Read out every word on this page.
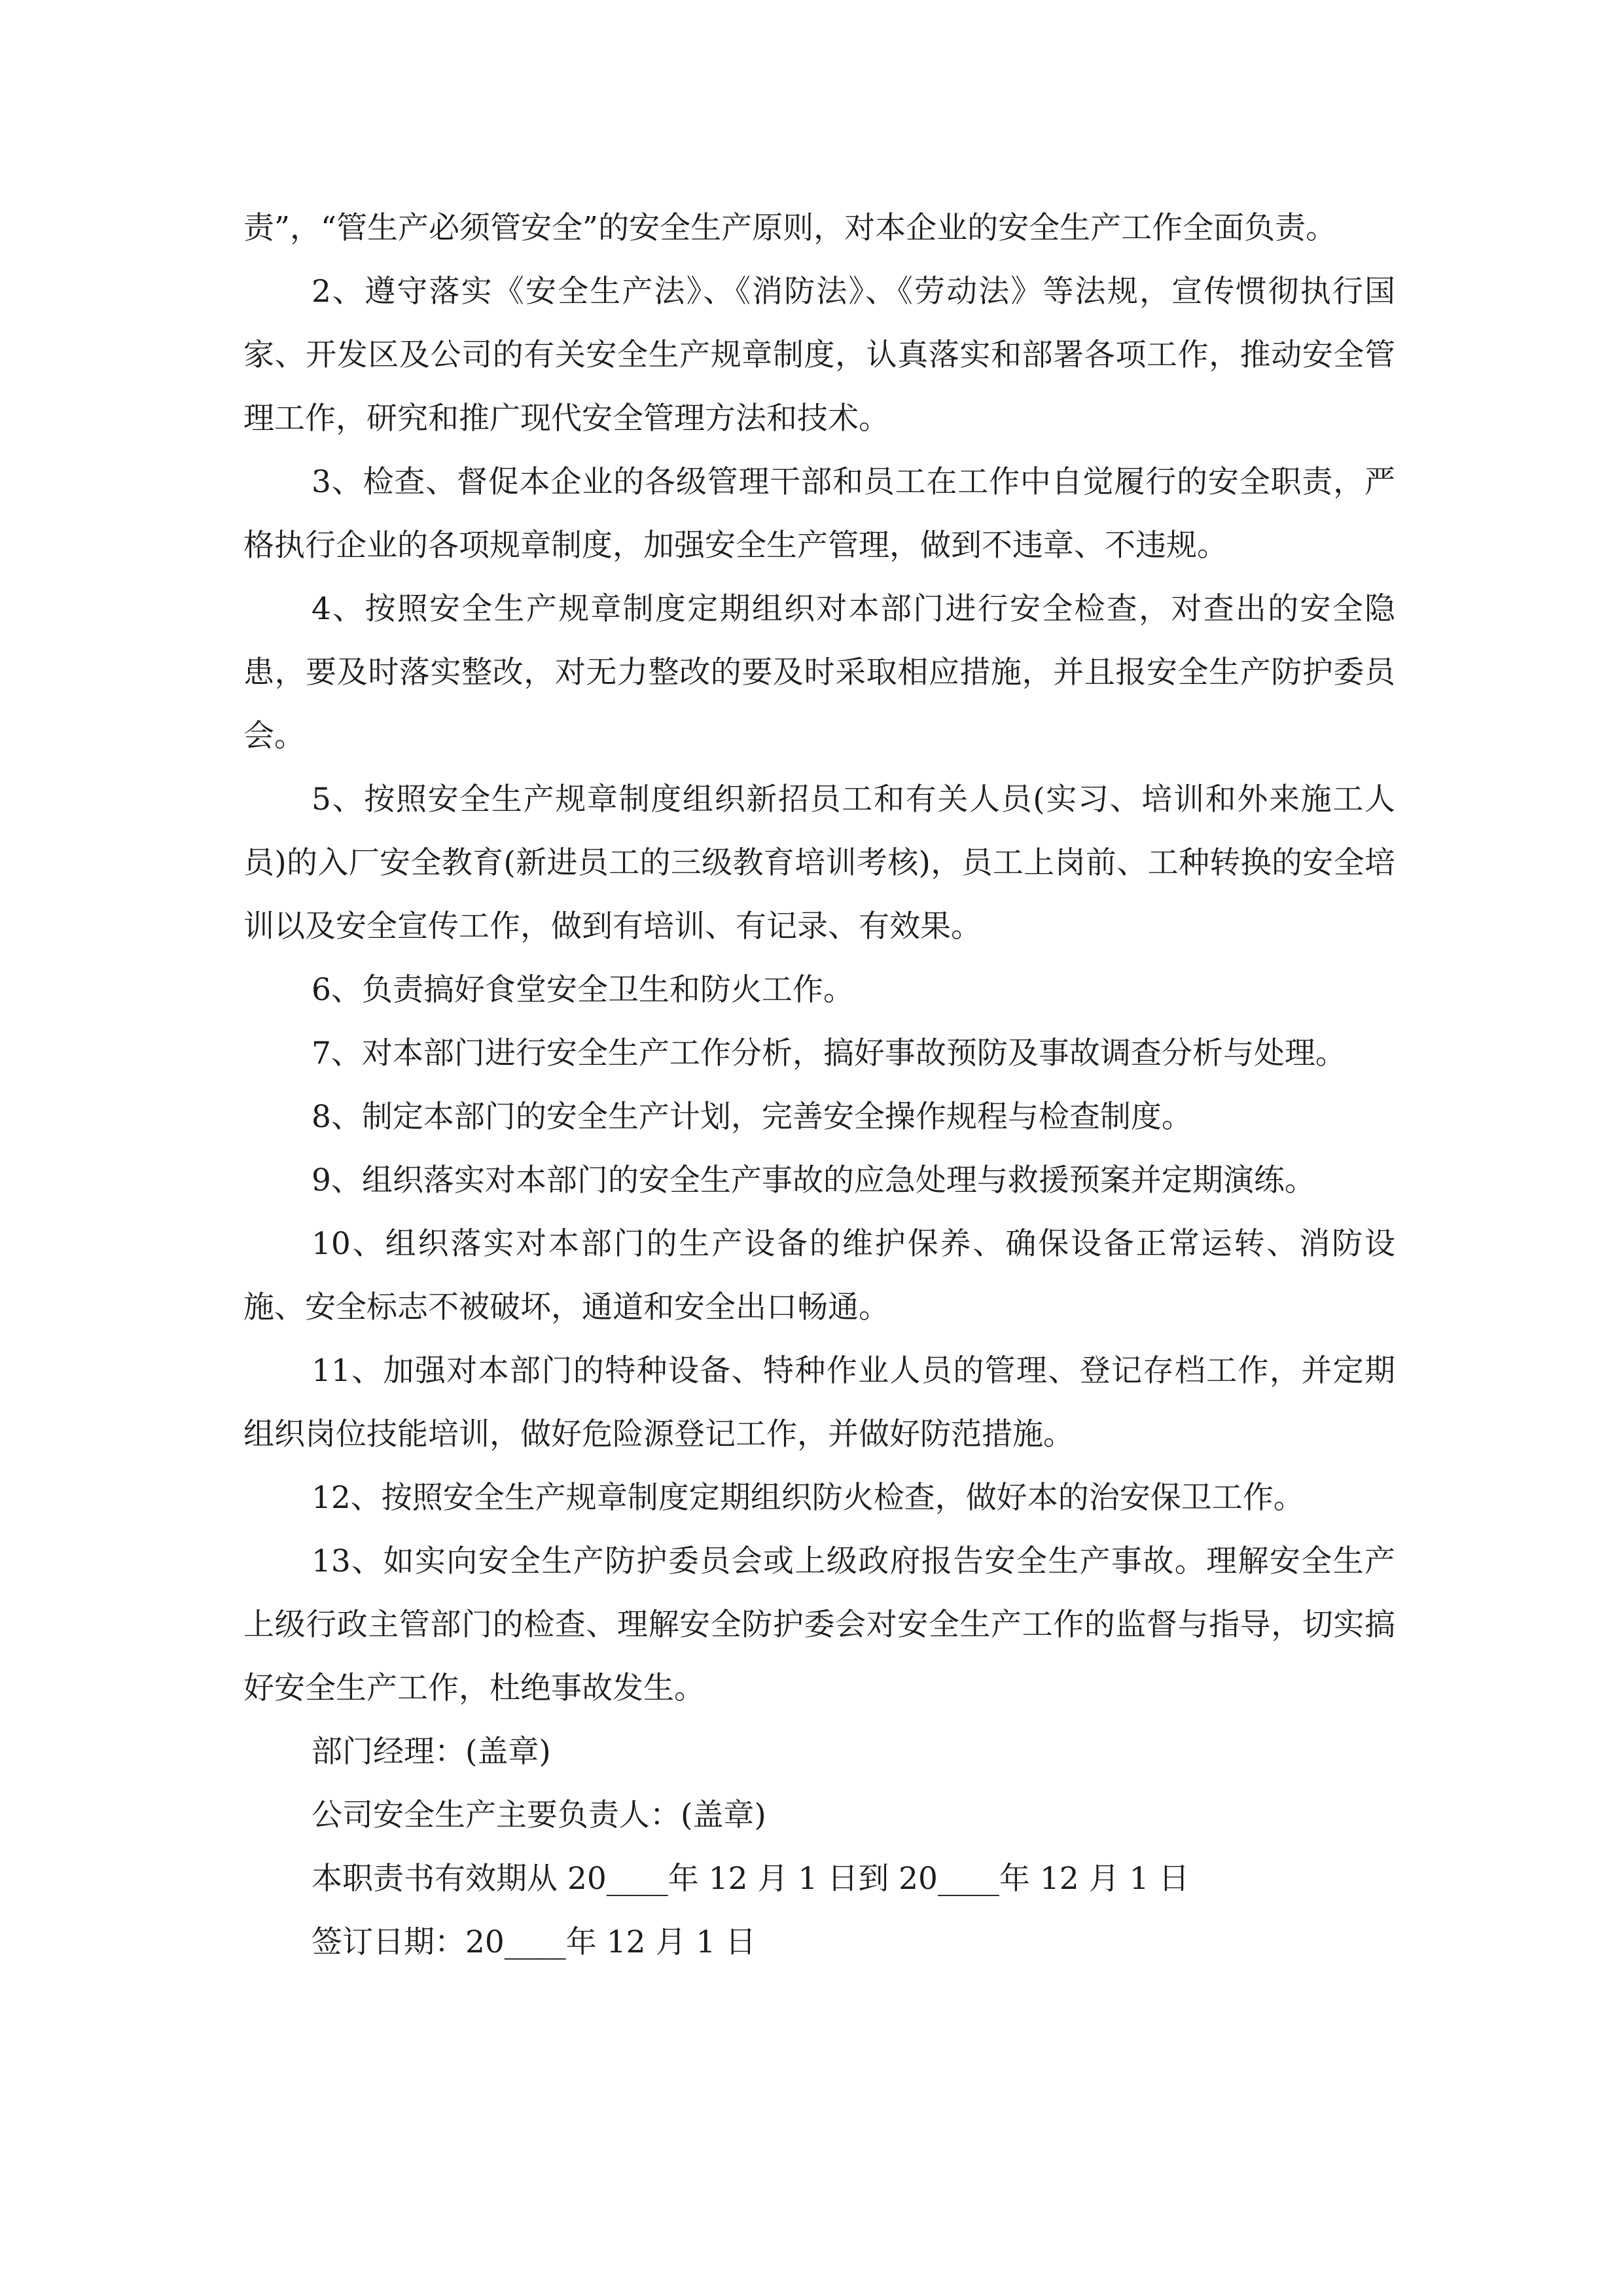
责”，“管生产必须管安全”的安全生产原则，对本企业的安全生产工作全面负责。

2、遵守落实《安全生产法》、《消防法》、《劳动法》等法规，宣传惯彻执行国家、开发区及公司的有关安全生产规章制度，认真落实和部署各项工作，推动安全管理工作，研究和推广现代安全管理方法和技术。

3、检查、督促本企业的各级管理干部和员工在工作中自觉履行的安全职责，严格执行企业的各项规章制度，加强安全生产管理，做到不违章、不违规。

4、按照安全生产规章制度定期组织对本部门进行安全检查，对查出的安全隐患，要及时落实整改，对无力整改的要及时采取相应措施，并且报安全生产防护委员会。

5、按照安全生产规章制度组织新招员工和有关人员(实习、培训和外来施工人员)的入厂安全教育(新进员工的三级教育培训考核)，员工上岗前、工种转换的安全培训以及安全宣传工作，做到有培训、有记录、有效果。

6、负责搞好食堂安全卫生和防火工作。

7、对本部门进行安全生产工作分析，搞好事故预防及事故调查分析与处理。

8、制定本部门的安全生产计划，完善安全操作规程与检查制度。

9、组织落实对本部门的安全生产事故的应急处理与救援预案并定期演练。

10、组织落实对本部门的生产设备的维护保养、确保设备正常运转、消防设施、安全标志不被破坏，通道和安全出口畅通。

11、加强对本部门的特种设备、特种作业人员的管理、登记存档工作，并定期组织岗位技能培训，做好危险源登记工作，并做好防范措施。

12、按照安全生产规章制度定期组织防火检查，做好本的治安保卫工作。

13、如实向安全生产防护委员会或上级政府报告安全生产事故。理解安全生产上级行政主管部门的检查、理解安全防护委会对安全生产工作的监督与指导，切实搞好安全生产工作，杜绝事故发生。

部门经理：(盖章)

公司安全生产主要负责人：(盖章)

本职责书有效期从 20____年 12 月 1 日到 20____年 12 月 1 日

签订日期：20____年 12 月 1 日
